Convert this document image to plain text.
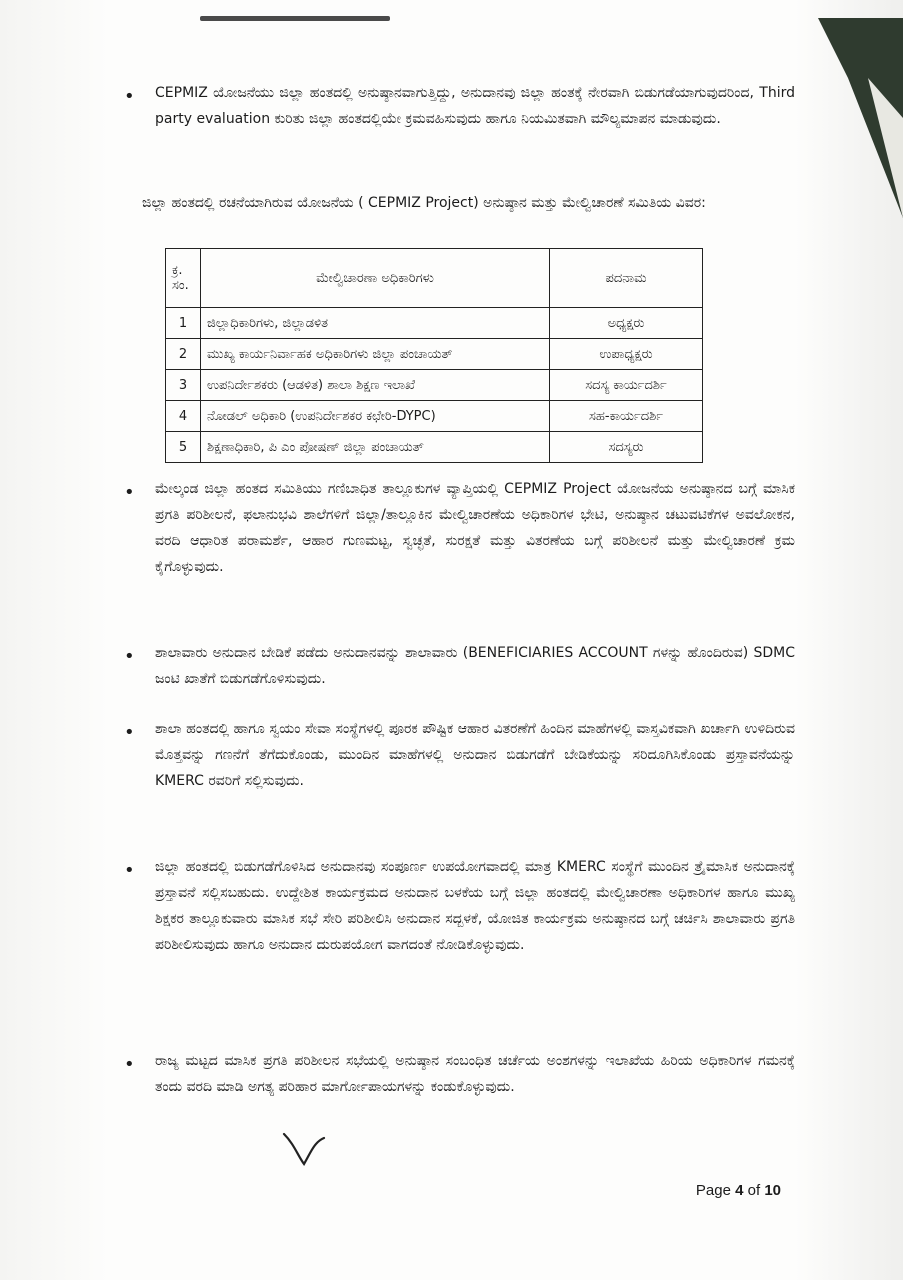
• CEPMIZ ಯೋಜನೆಯು ಜಿಲ್ಲಾ ಹಂತದಲ್ಲಿ ಅನುಷ್ಠಾನವಾಗುತ್ತಿದ್ದು, ಅನುದಾನವು ಜಿಲ್ಲಾ ಹಂತಕ್ಕೆ ನೇರವಾಗಿ ಬಿಡುಗಡೆಯಾಗುವುದರಿಂದ, Third party evaluation ಕುರಿತು ಜಿಲ್ಲಾ ಹಂತದಲ್ಲಿಯೇ ಕ್ರಮವಹಿಸುವುದು ಹಾಗೂ ನಿಯಮಿತವಾಗಿ ಮೌಲ್ಯಮಾಪನ ಮಾಡುವುದು.
ಜಿಲ್ಲಾ ಹಂತದಲ್ಲಿ ರಚನೆಯಾಗಿರುವ ಯೋಜನೆಯ ( CEPMIZ Project) ಅನುಷ್ಠಾನ ಮತ್ತು ಮೇಲ್ವಿಚಾರಣೆ ಸಮಿತಿಯ ವಿವರ:
ಕ್ರ. ಸಂ.	ಮೇಲ್ವಿಚಾರಣಾ ಅಧಿಕಾರಿಗಳು	ಪದನಾಮ
1	ಜಿಲ್ಲಾಧಿಕಾರಿಗಳು, ಜಿಲ್ಲಾಡಳಿತ	ಅಧ್ಯಕ್ಷರು
2	ಮುಖ್ಯ ಕಾರ್ಯನಿರ್ವಾಹಕ ಅಧಿಕಾರಿಗಳು ಜಿಲ್ಲಾ ಪಂಚಾಯತ್	ಉಪಾಧ್ಯಕ್ಷರು
3	ಉಪನಿರ್ದೇಶಕರು (ಆಡಳಿತ) ಶಾಲಾ ಶಿಕ್ಷಣ ಇಲಾಖೆ	ಸದಸ್ಯ ಕಾರ್ಯದರ್ಶಿ
4	ನೋಡಲ್ ಅಧಿಕಾರಿ (ಉಪನಿರ್ದೇಶಕರ ಕಛೇರಿ-DYPC)	ಸಹ-ಕಾರ್ಯದರ್ಶಿ
5	ಶಿಕ್ಷಣಾಧಿಕಾರಿ, ಪಿ ಎಂ ಪೋಷಣ್ ಜಿಲ್ಲಾ ಪಂಚಾಯತ್	ಸದಸ್ಯರು
• ಮೇಲ್ಕಂಡ ಜಿಲ್ಲಾ ಹಂತದ ಸಮಿತಿಯು ಗಣಿಬಾಧಿತ ತಾಲ್ಲೂಕುಗಳ ವ್ಯಾಪ್ತಿಯಲ್ಲಿ CEPMIZ Project ಯೋಜನೆಯ ಅನುಷ್ಠಾನದ ಬಗ್ಗೆ ಮಾಸಿಕ ಪ್ರಗತಿ ಪರಿಶೀಲನೆ, ಫಲಾನುಭವಿ ಶಾಲೆಗಳಿಗೆ ಜಿಲ್ಲಾ/ತಾಲ್ಲೂಕಿನ ಮೇಲ್ವಿಚಾರಣೆಯ ಅಧಿಕಾರಿಗಳ ಭೇಟಿ, ಅನುಷ್ಠಾನ ಚಟುವಟಿಕೆಗಳ ಅವಲೋಕನ, ವರದಿ ಆಧಾರಿತ ಪರಾಮರ್ಶೆ, ಆಹಾರ ಗುಣಮಟ್ಟ, ಸ್ವಚ್ಛತೆ, ಸುರಕ್ಷತೆ ಮತ್ತು ವಿತರಣೆಯ ಬಗ್ಗೆ ಪರಿಶೀಲನೆ ಮತ್ತು ಮೇಲ್ವಿಚಾರಣೆ ಕ್ರಮ ಕೈಗೊಳ್ಳುವುದು.
• ಶಾಲಾವಾರು ಅನುದಾನ ಬೇಡಿಕೆ ಪಡೆದು ಅನುದಾನವನ್ನು ಶಾಲಾವಾರು (BENEFICIARIES ACCOUNT ಗಳನ್ನು ಹೊಂದಿರುವ) SDMC ಜಂಟಿ ಖಾತೆಗೆ ಬಿಡುಗಡೆಗೊಳಿಸುವುದು.
• ಶಾಲಾ ಹಂತದಲ್ಲಿ ಹಾಗೂ ಸ್ವಯಂ ಸೇವಾ ಸಂಸ್ಥೆಗಳಲ್ಲಿ ಪೂರಕ ಪೌಷ್ಟಿಕ ಆಹಾರ ವಿತರಣೆಗೆ ಹಿಂದಿನ ಮಾಹೆಗಳಲ್ಲಿ ವಾಸ್ತವಿಕವಾಗಿ ಖರ್ಚಾಗಿ ಉಳಿದಿರುವ ಮೊತ್ತವನ್ನು ಗಣನೆಗೆ ತೆಗೆದುಕೊಂಡು, ಮುಂದಿನ ಮಾಹೆಗಳಲ್ಲಿ ಅನುದಾನ ಬಿಡುಗಡೆಗೆ ಬೇಡಿಕೆಯನ್ನು ಸರಿದೂಗಿಸಿಕೊಂಡು ಪ್ರಸ್ತಾವನೆಯನ್ನು KMERC ರವರಿಗೆ ಸಲ್ಲಿಸುವುದು.
• ಜಿಲ್ಲಾ ಹಂತದಲ್ಲಿ ಬಿಡುಗಡೆಗೊಳಿಸಿದ ಅನುದಾನವು ಸಂಪೂರ್ಣ ಉಪಯೋಗವಾದಲ್ಲಿ ಮಾತ್ರ KMERC ಸಂಸ್ಥೆಗೆ ಮುಂದಿನ ತ್ರೈಮಾಸಿಕ ಅನುದಾನಕ್ಕೆ ಪ್ರಸ್ತಾವನೆ ಸಲ್ಲಿಸಬಹುದು. ಉದ್ದೇಶಿತ ಕಾರ್ಯಕ್ರಮದ ಅನುದಾನ ಬಳಕೆಯ ಬಗ್ಗೆ ಜಿಲ್ಲಾ ಹಂತದಲ್ಲಿ ಮೇಲ್ವಿಚಾರಣಾ ಅಧಿಕಾರಿಗಳ ಹಾಗೂ ಮುಖ್ಯ ಶಿಕ್ಷಕರ ತಾಲ್ಲೂಕುವಾರು ಮಾಸಿಕ ಸಭೆ ಸೇರಿ ಪರಿಶೀಲಿಸಿ ಅನುದಾನ ಸದ್ಬಳಕೆ, ಯೋಜಿತ ಕಾರ್ಯಕ್ರಮ ಅನುಷ್ಠಾನದ ಬಗ್ಗೆ ಚರ್ಚಿಸಿ ಶಾಲಾವಾರು ಪ್ರಗತಿ ಪರಿಶೀಲಿಸುವುದು ಹಾಗೂ ಅನುದಾನ ದುರುಪಯೋಗ ವಾಗದಂತೆ ನೋಡಿಕೊಳ್ಳುವುದು.
• ರಾಜ್ಯ ಮಟ್ಟದ ಮಾಸಿಕ ಪ್ರಗತಿ ಪರಿಶೀಲನ ಸಭೆಯಲ್ಲಿ ಅನುಷ್ಠಾನ ಸಂಬಂಧಿತ ಚರ್ಚೆಯ ಅಂಶಗಳನ್ನು ಇಲಾಖೆಯ ಹಿರಿಯ ಅಧಿಕಾರಿಗಳ ಗಮನಕ್ಕೆ ತಂದು ವರದಿ ಮಾಡಿ ಅಗತ್ಯ ಪರಿಹಾರ ಮಾರ್ಗೋಪಾಯಗಳನ್ನು ಕಂಡುಕೊಳ್ಳುವುದು.
Page 4 of 10
